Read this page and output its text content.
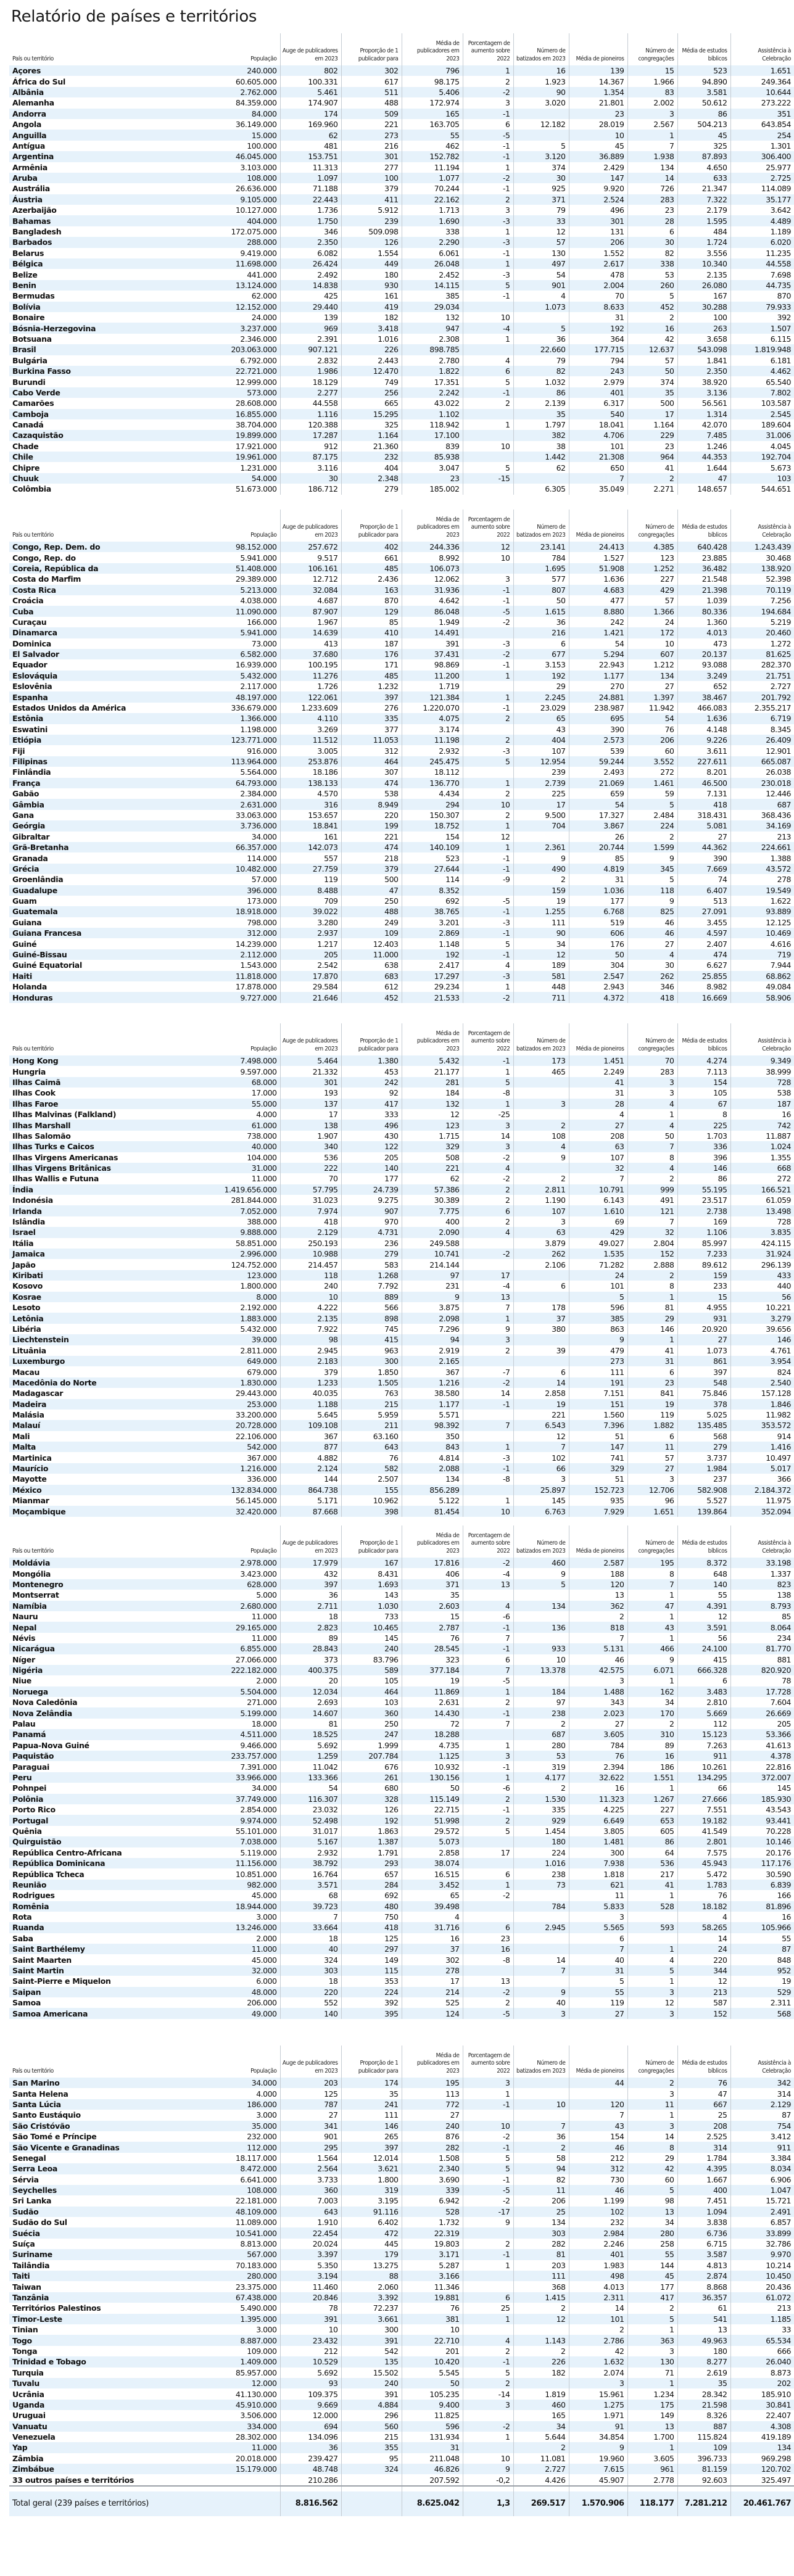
Relatório de países e territórios
País ou território	População	Auge de publicadores em 2023	Proporção de 1 publicador para	Média de publicadores em 2023	Porcentagem de aumento sobre 2022	Número de batizados em 2023	Média de pioneiros	Número de congregações	Média de estudos bíblicos	Assistência à Celebração
Açores	240.000	802	302	796	1	16	139	15	523	1.651
África do Sul	60.605.000	100.331	617	98.175	2	1.923	14.367	1.966	94.890	249.364
Albânia	2.762.000	5.461	511	5.406	-2	90	1.354	83	3.581	10.644
Alemanha	84.359.000	174.907	488	172.974	3	3.020	21.801	2.002	50.612	273.222
Andorra	84.000	174	509	165	-1		23	3	86	351
Angola	36.149.000	169.960	221	163.705	6	12.182	28.019	2.567	504.213	643.854
Anguilla	15.000	62	273	55	-5		10	1	45	254
Antígua	100.000	481	216	462	-1	5	45	7	325	1.301
Argentina	46.045.000	153.751	301	152.782	-1	3.120	36.889	1.938	87.893	306.400
Armênia	3.103.000	11.313	277	11.194	1	374	2.429	134	4.650	25.977
Aruba	108.000	1.097	100	1.077	-2	30	147	14	633	2.725
Austrália	26.636.000	71.188	379	70.244	-1	925	9.920	726	21.347	114.089
Áustria	9.105.000	22.443	411	22.162	2	371	2.524	283	7.322	35.177
Azerbaijão	10.127.000	1.736	5.912	1.713	3	79	496	23	2.179	3.642
Bahamas	404.000	1.750	239	1.690	-3	33	301	28	1.595	4.489
Bangladesh	172.075.000	346	509.098	338	1	12	131	6	484	1.189
Barbados	288.000	2.350	126	2.290	-3	57	206	30	1.724	6.020
Belarus	9.419.000	6.082	1.554	6.061	-1	130	1.552	82	3.556	11.235
Bélgica	11.698.000	26.424	449	26.048	1	497	2.617	338	10.340	44.558
Belize	441.000	2.492	180	2.452	-3	54	478	53	2.135	7.698
Benin	13.124.000	14.838	930	14.115	5	901	2.004	260	26.080	44.735
Bermudas	62.000	425	161	385	-1	4	70	5	167	870
Bolívia	12.152.000	29.440	419	29.034		1.073	8.633	452	30.288	79.933
Bonaire	24.000	139	182	132	10		31	2	100	392
Bósnia-Herzegovina	3.237.000	969	3.418	947	-4	5	192	16	263	1.507
Botsuana	2.346.000	2.391	1.016	2.308	1	36	364	42	3.658	6.115
Brasil	203.063.000	907.121	226	898.785		22.660	177.715	12.637	543.098	1.819.948
Bulgária	6.792.000	2.832	2.443	2.780	4	79	794	57	1.841	6.181
Burkina Fasso	22.721.000	1.986	12.470	1.822	6	82	243	50	2.350	4.462
Burundi	12.999.000	18.129	749	17.351	5	1.032	2.979	374	38.920	65.540
Cabo Verde	573.000	2.277	256	2.242	-1	86	401	35	3.136	7.802
Camarões	28.608.000	44.558	665	43.022	2	2.139	6.317	500	56.561	103.587
Camboja	16.855.000	1.116	15.295	1.102		35	540	17	1.314	2.545
Canadá	38.704.000	120.388	325	118.942	1	1.797	18.041	1.164	42.070	189.604
Cazaquistão	19.899.000	17.287	1.164	17.100		382	4.706	229	7.485	31.006
Chade	17.921.000	912	21.360	839	10	38	101	23	1.246	4.045
Chile	19.961.000	87.175	232	85.938		1.442	21.308	964	44.353	192.704
Chipre	1.231.000	3.116	404	3.047	5	62	650	41	1.644	5.673
Chuuk	54.000	30	2.348	23	-15		7	2	47	103
Colômbia	51.673.000	186.712	279	185.002		6.305	35.049	2.271	148.657	544.651
País ou território	População	Auge de publicadores em 2023	Proporção de 1 publicador para	Média de publicadores em 2023	Porcentagem de aumento sobre 2022	Número de batizados em 2023	Média de pioneiros	Número de congregações	Média de estudos bíblicos	Assistência à Celebração
Congo, Rep. Dem. do	98.152.000	257.672	402	244.336	12	23.141	24.413	4.385	640.428	1.243.439
Congo, Rep. do	5.941.000	9.517	661	8.992	10	784	1.527	123	23.885	30.468
Coreia, República da	51.408.000	106.161	485	106.073		1.695	51.908	1.252	36.482	138.920
Costa do Marfim	29.389.000	12.712	2.436	12.062	3	577	1.636	227	21.548	52.398
Costa Rica	5.213.000	32.084	163	31.936	-1	807	4.683	429	21.398	70.119
Croácia	4.038.000	4.687	870	4.642	-1	50	477	57	1.039	7.256
Cuba	11.090.000	87.907	129	86.048	-5	1.615	8.880	1.366	80.336	194.684
Curaçau	166.000	1.967	85	1.949	-2	36	242	24	1.360	5.219
Dinamarca	5.941.000	14.639	410	14.491		216	1.421	172	4.013	20.460
Dominica	73.000	413	187	391	-3	6	54	10	473	1.272
El Salvador	6.582.000	37.680	176	37.431	-2	677	5.294	607	20.137	81.625
Equador	16.939.000	100.195	171	98.869	-1	3.153	22.943	1.212	93.088	282.370
Eslováquia	5.432.000	11.276	485	11.200	1	192	1.177	134	3.249	21.751
Eslovênia	2.117.000	1.726	1.232	1.719		29	270	27	652	2.727
Espanha	48.197.000	122.061	397	121.384	1	2.245	24.881	1.397	38.467	201.792
Estados Unidos da América	336.679.000	1.233.609	276	1.220.070	-1	23.029	238.987	11.942	466.083	2.355.217
Estônia	1.366.000	4.110	335	4.075	2	65	695	54	1.636	6.719
Eswatini	1.198.000	3.269	377	3.174		43	390	76	4.148	8.345
Etiópia	123.771.000	11.512	11.053	11.198	2	404	2.573	206	9.226	26.409
Fiji	916.000	3.005	312	2.932	-3	107	539	60	3.611	12.901
Filipinas	113.964.000	253.876	464	245.475	5	12.954	59.244	3.552	227.611	665.087
Finlândia	5.564.000	18.186	307	18.112		239	2.493	272	8.201	26.038
França	64.793.000	138.133	474	136.770	1	2.739	21.069	1.461	46.500	230.018
Gabão	2.384.000	4.570	538	4.434	2	225	659	59	7.131	12.446
Gâmbia	2.631.000	316	8.949	294	10	17	54	5	418	687
Gana	33.063.000	153.657	220	150.307	2	9.500	17.327	2.484	318.431	368.436
Geórgia	3.736.000	18.841	199	18.752	1	704	3.867	224	5.081	34.169
Gibraltar	34.000	161	221	154	12		26	2	27	213
Grã-Bretanha	66.357.000	142.073	474	140.109	1	2.361	20.744	1.599	44.362	224.661
Granada	114.000	557	218	523	-1	9	85	9	390	1.388
Grécia	10.482.000	27.759	379	27.644	-1	490	4.819	345	7.669	43.572
Groenlândia	57.000	119	500	114	-9	2	31	5	74	278
Guadalupe	396.000	8.488	47	8.352		159	1.036	118	6.407	19.549
Guam	173.000	709	250	692	-5	19	177	9	513	1.622
Guatemala	18.918.000	39.022	488	38.765	-1	1.255	6.768	825	27.091	93.889
Guiana	798.000	3.280	249	3.201	-3	111	519	46	3.455	12.125
Guiana Francesa	312.000	2.937	109	2.869	-1	90	606	46	4.597	10.469
Guiné	14.239.000	1.217	12.403	1.148	5	34	176	27	2.407	4.616
Guiné-Bissau	2.112.000	205	11.000	192	-1	12	50	4	474	719
Guiné Equatorial	1.543.000	2.542	638	2.417	4	189	304	30	6.627	7.944
Haiti	11.818.000	17.870	683	17.297	-3	581	2.547	262	25.855	68.862
Holanda	17.878.000	29.584	612	29.234	1	448	2.943	346	8.982	49.084
Honduras	9.727.000	21.646	452	21.533	-2	711	4.372	418	16.669	58.906
País ou território	População	Auge de publicadores em 2023	Proporção de 1 publicador para	Média de publicadores em 2023	Porcentagem de aumento sobre 2022	Número de batizados em 2023	Média de pioneiros	Número de congregações	Média de estudos bíblicos	Assistência à Celebração
Hong Kong	7.498.000	5.464	1.380	5.432	-1	173	1.451	70	4.274	9.349
Hungria	9.597.000	21.332	453	21.177	1	465	2.249	283	7.113	38.999
Ilhas Caimã	68.000	301	242	281	5		41	3	154	728
Ilhas Cook	17.000	193	92	184	-8		31	3	105	538
Ilhas Faroe	55.000	137	417	132	1	3	28	4	67	187
Ilhas Malvinas (Falkland)	4.000	17	333	12	-25		4	1	8	16
Ilhas Marshall	61.000	138	496	123	3	2	27	4	225	742
Ilhas Salomão	738.000	1.907	430	1.715	14	108	208	50	1.703	11.887
Ilhas Turks e Caicos	40.000	340	122	329	3	4	63	7	336	1.024
Ilhas Virgens Americanas	104.000	536	205	508	-2	9	107	8	396	1.355
Ilhas Virgens Britânicas	31.000	222	140	221	4		32	4	146	668
Ilhas Wallis e Futuna	11.000	70	177	62	-2	2	7	2	86	272
Índia	1.419.656.000	57.795	24.739	57.386	2	2.811	10.791	999	55.195	166.521
Indonésia	281.844.000	31.023	9.275	30.389	2	1.190	6.143	491	23.517	61.059
Irlanda	7.052.000	7.974	907	7.775	6	107	1.610	121	2.738	13.498
Islândia	388.000	418	970	400	2	3	69	7	169	728
Israel	9.888.000	2.129	4.731	2.090	4	63	429	32	1.106	3.835
Itália	58.851.000	250.193	236	249.588		3.879	49.027	2.804	85.997	424.115
Jamaica	2.996.000	10.988	279	10.741	-2	262	1.535	152	7.233	31.924
Japão	124.752.000	214.457	583	214.144		2.106	71.282	2.888	89.612	296.139
Kiribati	123.000	118	1.268	97	17		24	2	159	433
Kosovo	1.800.000	240	7.792	231	-4	6	101	8	233	440
Kosrae	8.000	10	889	9	13		5	1	15	56
Lesoto	2.192.000	4.222	566	3.875	7	178	596	81	4.955	10.221
Letônia	1.883.000	2.135	898	2.098	1	37	385	29	931	3.279
Libéria	5.432.000	7.922	745	7.296	9	380	863	146	20.920	39.656
Liechtenstein	39.000	98	415	94	3		9	1	27	146
Lituânia	2.811.000	2.945	963	2.919	2	39	479	41	1.073	4.761
Luxemburgo	649.000	2.183	300	2.165			273	31	861	3.954
Macau	679.000	379	1.850	367	-7	6	111	6	397	824
Macedônia do Norte	1.830.000	1.233	1.505	1.216	-2	14	191	23	548	2.540
Madagascar	29.443.000	40.035	763	38.580	14	2.858	7.151	841	75.846	157.128
Madeira	253.000	1.188	215	1.177	-1	19	151	19	378	1.846
Malásia	33.200.000	5.645	5.959	5.571		221	1.560	119	5.025	11.982
Malauí	20.728.000	109.108	211	98.392	7	6.543	7.396	1.882	135.485	353.572
Mali	22.106.000	367	63.160	350		12	51	6	568	914
Malta	542.000	877	643	843	1	7	147	11	279	1.416
Martinica	367.000	4.882	76	4.814	-3	102	741	57	3.737	10.497
Maurício	1.216.000	2.124	582	2.088	-1	66	329	27	1.984	5.017
Mayotte	336.000	144	2.507	134	-8	3	51	3	237	366
México	132.834.000	864.738	155	856.289		25.897	152.723	12.706	582.908	2.184.372
Mianmar	56.145.000	5.171	10.962	5.122	1	145	935	96	5.527	11.975
Moçambique	32.420.000	87.668	398	81.454	10	6.763	7.929	1.651	139.864	352.094
País ou território	População	Auge de publicadores em 2023	Proporção de 1 publicador para	Média de publicadores em 2023	Porcentagem de aumento sobre 2022	Número de batizados em 2023	Média de pioneiros	Número de congregações	Média de estudos bíblicos	Assistência à Celebração
Moldávia	2.978.000	17.979	167	17.816	-2	460	2.587	195	8.372	33.198
Mongólia	3.423.000	432	8.431	406	-4	9	188	8	648	1.337
Montenegro	628.000	397	1.693	371	13	5	120	7	140	823
Montserrat	5.000	36	143	35			13	1	55	138
Namíbia	2.680.000	2.711	1.030	2.603	4	134	362	47	4.391	8.793
Nauru	11.000	18	733	15	-6		2	1	12	85
Nepal	29.165.000	2.823	10.465	2.787	-1	136	818	43	3.591	8.064
Névis	11.000	89	145	76	7		7	1	56	234
Nicarágua	6.855.000	28.843	240	28.545	-1	933	5.131	466	24.100	81.770
Níger	27.066.000	373	83.796	323	6	10	46	9	415	881
Nigéria	222.182.000	400.375	589	377.184	7	13.378	42.575	6.071	666.328	820.920
Niue	2.000	20	105	19	-5		3	1	6	78
Noruega	5.504.000	12.034	464	11.869	1	184	1.488	162	3.483	17.728
Nova Caledônia	271.000	2.693	103	2.631	2	97	343	34	2.810	7.604
Nova Zelândia	5.199.000	14.607	360	14.430	-1	238	2.023	170	5.669	26.669
Palau	18.000	81	250	72	7	2	27	2	112	205
Panamá	4.511.000	18.525	247	18.288		687	3.605	310	15.123	53.366
Papua-Nova Guiné	9.466.000	5.692	1.999	4.735	1	280	784	89	7.263	41.613
Paquistão	233.757.000	1.259	207.784	1.125	3	53	76	16	911	4.378
Paraguai	7.391.000	11.042	676	10.932	-1	319	2.394	186	10.261	22.816
Peru	33.966.000	133.366	261	130.156	1	4.177	32.622	1.551	134.295	372.007
Pohnpei	34.000	54	680	50	-6	2	16	1	66	145
Polônia	37.749.000	116.307	328	115.149	2	1.530	11.323	1.267	27.666	185.930
Porto Rico	2.854.000	23.032	126	22.715	-1	335	4.225	227	7.551	43.543
Portugal	9.974.000	52.498	192	51.998	2	929	6.649	653	19.182	93.441
Quênia	55.101.000	31.017	1.863	29.572	5	1.454	3.805	605	41.549	70.228
Quirguistão	7.038.000	5.167	1.387	5.073		180	1.481	86	2.801	10.146
República Centro-Africana	5.119.000	2.932	1.791	2.858	17	224	300	64	7.575	20.176
República Dominicana	11.156.000	38.792	293	38.074		1.016	7.938	536	45.943	117.176
República Tcheca	10.851.000	16.764	657	16.515	6	238	1.818	217	5.472	30.590
Reunião	982.000	3.571	284	3.452	1	73	621	41	1.783	6.839
Rodrigues	45.000	68	692	65	-2		11	1	76	166
Romênia	18.944.000	39.723	480	39.498		784	5.833	528	18.182	81.896
Rota	3.000	7	750	4			3		4	16
Ruanda	13.246.000	33.664	418	31.716	6	2.945	5.565	593	58.265	105.966
Saba	2.000	18	125	16	23		6		14	55
Saint Barthélemy	11.000	40	297	37	16		7	1	24	87
Saint Maarten	45.000	324	149	302	-8	14	40	4	220	848
Saint Martin	32.000	303	115	278		7	31	5	344	952
Saint-Pierre e Miquelon	6.000	18	353	17	13		5	1	12	19
Saipan	48.000	220	224	214	-2	9	55	3	213	529
Samoa	206.000	552	392	525	2	40	119	12	587	2.311
Samoa Americana	49.000	140	395	124	-5	3	27	3	152	568
País ou território	População	Auge de publicadores em 2023	Proporção de 1 publicador para	Média de publicadores em 2023	Porcentagem de aumento sobre 2022	Número de batizados em 2023	Média de pioneiros	Número de congregações	Média de estudos bíblicos	Assistência à Celebração
San Marino	34.000	203	174	195	3		44	2	76	342
Santa Helena	4.000	125	35	113	1			3	47	314
Santa Lúcia	186.000	787	241	772	-1	10	120	11	667	2.129
Santo Eustáquio	3.000	27	111	27			7	1	25	87
São Cristóvão	35.000	341	146	240	10	7	43	3	208	754
São Tomé e Príncipe	232.000	901	265	876	-2	36	154	14	2.525	3.412
São Vicente e Granadinas	112.000	295	397	282	-1	2	46	8	314	911
Senegal	18.117.000	1.564	12.014	1.508	5	58	212	29	1.784	3.384
Serra Leoa	8.472.000	2.564	3.621	2.340	5	94	312	42	4.395	8.034
Sérvia	6.641.000	3.733	1.800	3.690	-1	82	730	60	1.667	6.906
Seychelles	108.000	360	319	339	-5	11	46	5	400	1.047
Sri Lanka	22.181.000	7.003	3.195	6.942	-2	206	1.199	98	7.451	15.721
Sudão	48.109.000	643	91.116	528	-17	25	102	13	1.094	2.491
Sudão do Sul	11.089.000	1.910	6.402	1.732	9	134	232	34	3.838	6.857
Suécia	10.541.000	22.454	472	22.319		303	2.984	280	6.736	33.899
Suíça	8.813.000	20.024	445	19.803	2	282	2.246	258	6.715	32.786
Suriname	567.000	3.397	179	3.171	-1	81	401	55	3.587	9.970
Tailândia	70.183.000	5.350	13.275	5.287	1	203	1.983	144	4.813	10.214
Taiti	280.000	3.194	88	3.166		111	498	45	2.874	10.450
Taiwan	23.375.000	11.460	2.060	11.346		368	4.013	177	8.868	20.436
Tanzânia	67.438.000	20.846	3.392	19.881	6	1.415	2.311	417	36.357	61.072
Territórios Palestinos	5.490.000	78	72.237	76	25	2	14	2	61	213
Timor-Leste	1.395.000	391	3.661	381	1	12	101	5	541	1.185
Tinian	3.000	10	300	10			2	1	13	33
Togo	8.887.000	23.432	391	22.710	4	1.143	2.786	363	49.963	65.534
Tonga	109.000	212	542	201	2	2	42	3	180	666
Trinidad e Tobago	1.409.000	10.529	135	10.420	-1	226	1.632	130	8.277	26.040
Turquia	85.957.000	5.692	15.502	5.545	5	182	2.074	71	2.619	8.873
Tuvalu	12.000	93	240	50	2		3	1	35	202
Ucrânia	41.130.000	109.375	391	105.235	-14	1.819	15.961	1.234	28.342	185.910
Uganda	45.910.000	9.669	4.884	9.400	3	460	1.275	175	21.598	30.841
Uruguai	3.506.000	12.000	296	11.825		165	1.971	149	8.326	22.407
Vanuatu	334.000	694	560	596	-2	34	91	13	887	4.308
Venezuela	28.302.000	134.096	215	131.934	1	5.644	34.854	1.700	115.824	419.189
Yap	11.000	36	355	31		2	9	1	109	134
Zâmbia	20.018.000	239.427	95	211.048	10	11.081	19.960	3.605	396.733	969.298
Zimbábue	15.179.000	48.748	324	46.826	9	2.727	7.615	961	81.159	120.702
33 outros países e territórios		210.286		207.592	-0,2	4.426	45.907	2.778	92.603	325.497

Total geral (239 países e territórios)		8.816.562		8.625.042	1,3	269.517	1.570.906	118.177	7.281.212	20.461.767
